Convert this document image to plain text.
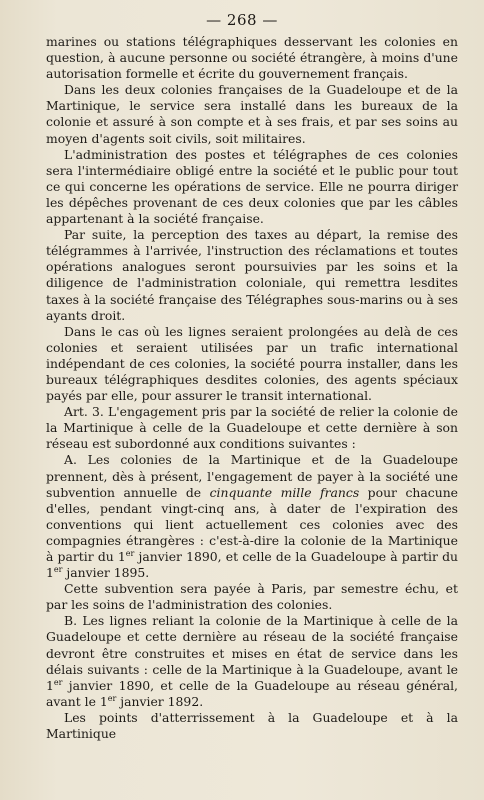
— 268 —

marines ou stations télégraphiques desservant les colonies en question, à aucune personne ou société étrangère, à moins d'une autorisation formelle et écrite du gouvernement français.

Dans les deux colonies françaises de la Guadeloupe et de la Martinique, le service sera installé dans les bureaux de la colonie et assuré à son compte et à ses frais, et par ses soins au moyen d'agents soit civils, soit militaires.

L'administration des postes et télégraphes de ces colonies sera l'intermédiaire obligé entre la société et le public pour tout ce qui concerne les opérations de service. Elle ne pourra diriger les dépêches provenant de ces deux colonies que par les câbles appartenant à la société française.

Par suite, la perception des taxes au départ, la remise des télégrammes à l'arrivée, l'instruction des réclamations et toutes opérations analogues seront poursuivies par les soins et la diligence de l'administration coloniale, qui remettra lesdites taxes à la société française des Télégraphes sous-marins ou à ses ayants droit.

Dans le cas où les lignes seraient prolongées au delà de ces colonies et seraient utilisées par un trafic international indépendant de ces colonies, la société pourra installer, dans les bureaux télégraphiques desdites colonies, des agents spéciaux payés par elle, pour assurer le transit international.

Art. 3. L'engagement pris par la société de relier la colonie de la Martinique à celle de la Guadeloupe et cette dernière à son réseau est subordonné aux conditions suivantes :

A. Les colonies de la Martinique et de la Guadeloupe prennent, dès à présent, l'engagement de payer à la société une subvention annuelle de cinquante mille francs pour chacune d'elles, pendant vingt-cinq ans, à dater de l'expiration des conventions qui lient actuellement ces colonies avec des compagnies étrangères : c'est-à-dire la colonie de la Martinique à partir du 1er janvier 1890, et celle de la Guadeloupe à partir du 1er janvier 1895.

Cette subvention sera payée à Paris, par semestre échu, et par les soins de l'administration des colonies.

B. Les lignes reliant la colonie de la Martinique à celle de la Guadeloupe et cette dernière au réseau de la société française devront être construites et mises en état de service dans les délais suivants : celle de la Martinique à la Guadeloupe, avant le 1er janvier 1890, et celle de la Guadeloupe au réseau général, avant le 1er janvier 1892.

Les points d'atterrissement à la Guadeloupe et à la Martinique
